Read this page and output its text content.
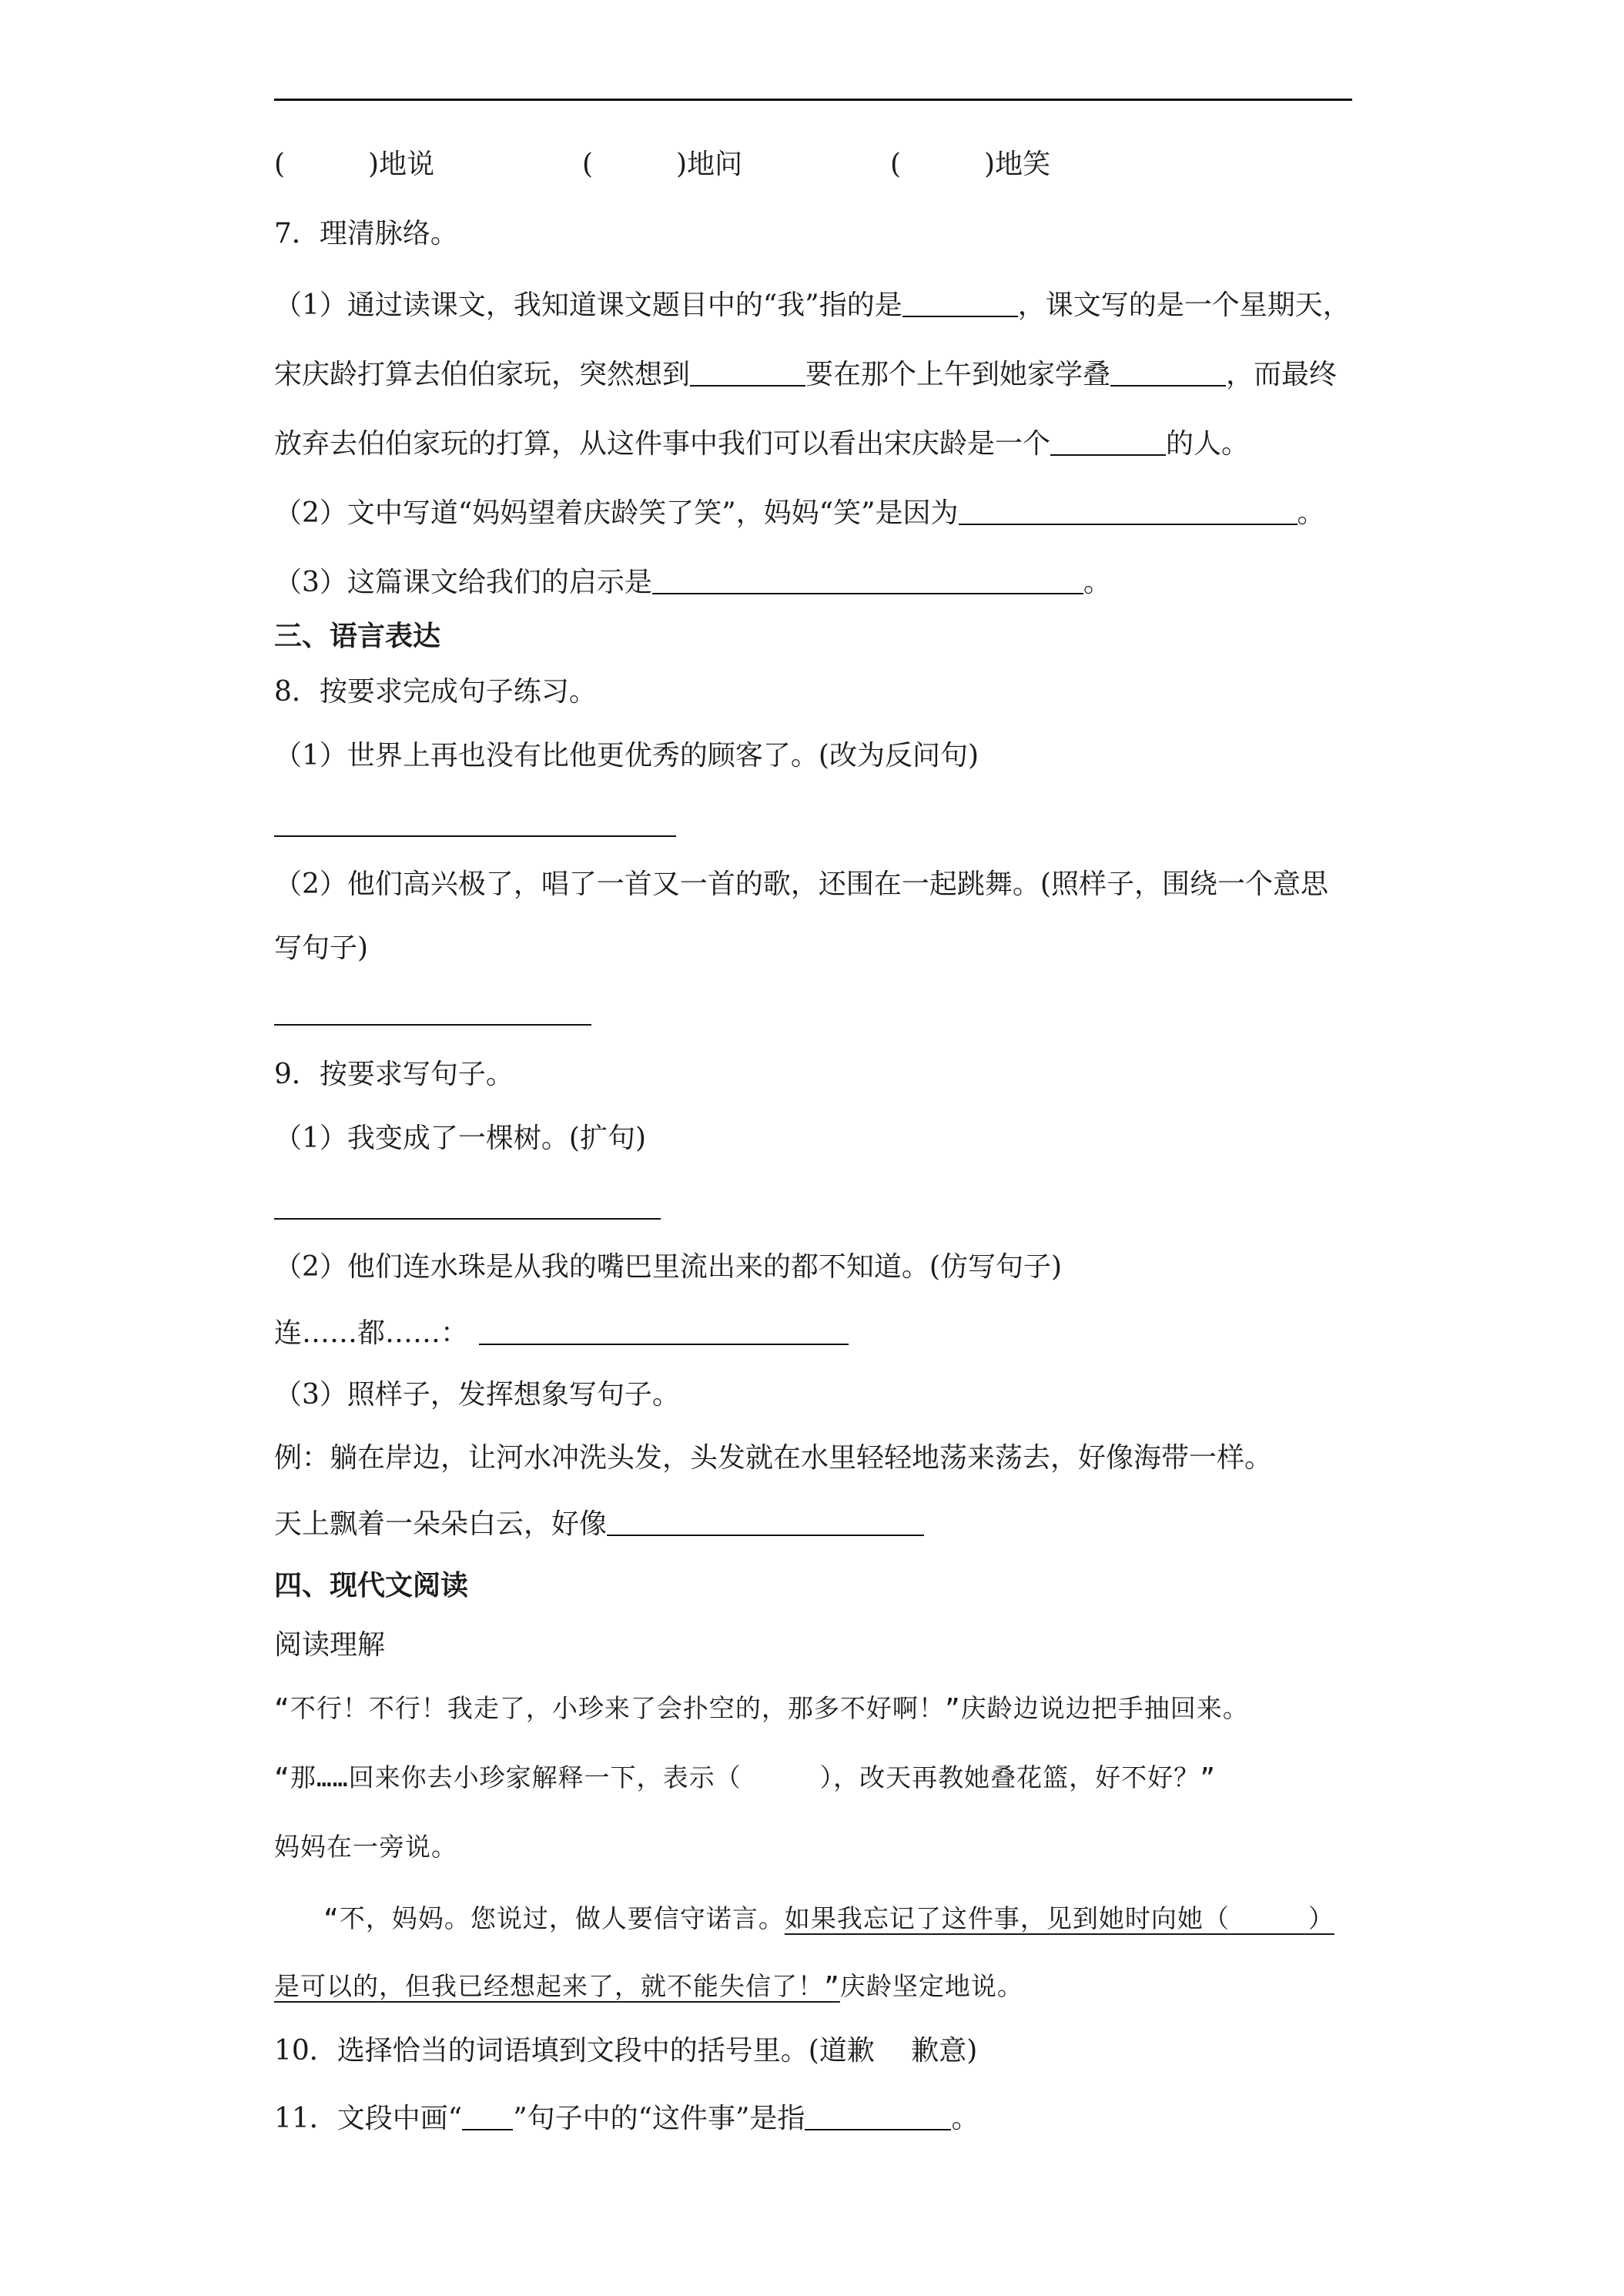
(　　　)地说	(　　　)地问	(　　　)地笑
7．理清脉络。
（1）通过读课文，我知道课文题目中的“我”指的是	，课文写的是一个星期天，
宋庆龄打算去伯伯家玩，突然想到	要在那个上午到她家学叠	，而最终
放弃去伯伯家玩的打算，从这件事中我们可以看出宋庆龄是一个	的人。
（2）文中写道“妈妈望着庆龄笑了笑”，妈妈“笑”是因为	。
（3）这篇课文给我们的启示是	。
三、语言表达
8．按要求完成句子练习。
（1）世界上再也没有比他更优秀的顾客了。(改为反问句)
（2）他们高兴极了，唱了一首又一首的歌，还围在一起跳舞。(照样子，围绕一个意思
写句子)
9．按要求写句子。
（1）我变成了一棵树。(扩句)
（2）他们连水珠是从我的嘴巴里流出来的都不知道。(仿写句子)
连……都……：
（3）照样子，发挥想象写句子。
例：躺在岸边，让河水冲洗头发，头发就在水里轻轻地荡来荡去，好像海带一样。
天上飘着一朵朵白云，好像
四、现代文阅读
阅读理解
“不行！不行！我走了，小珍来了会扑空的，那多不好啊！”庆龄边说边把手抽回来。
“那……回来你去小珍家解释一下，表示（　　　），改天再教她叠花篮，好不好？”
妈妈在一旁说。
“不，妈妈。您说过，做人要信守诺言。如果我忘记了这件事，见到她时向她（　　　）
是可以的，但我已经想起来了，就不能失信了！”庆龄坚定地说。
10．选择恰当的词语填到文段中的括号里。(道歉　 歉意)
11．文段中画“ ”句子中的“这件事”是指	。
